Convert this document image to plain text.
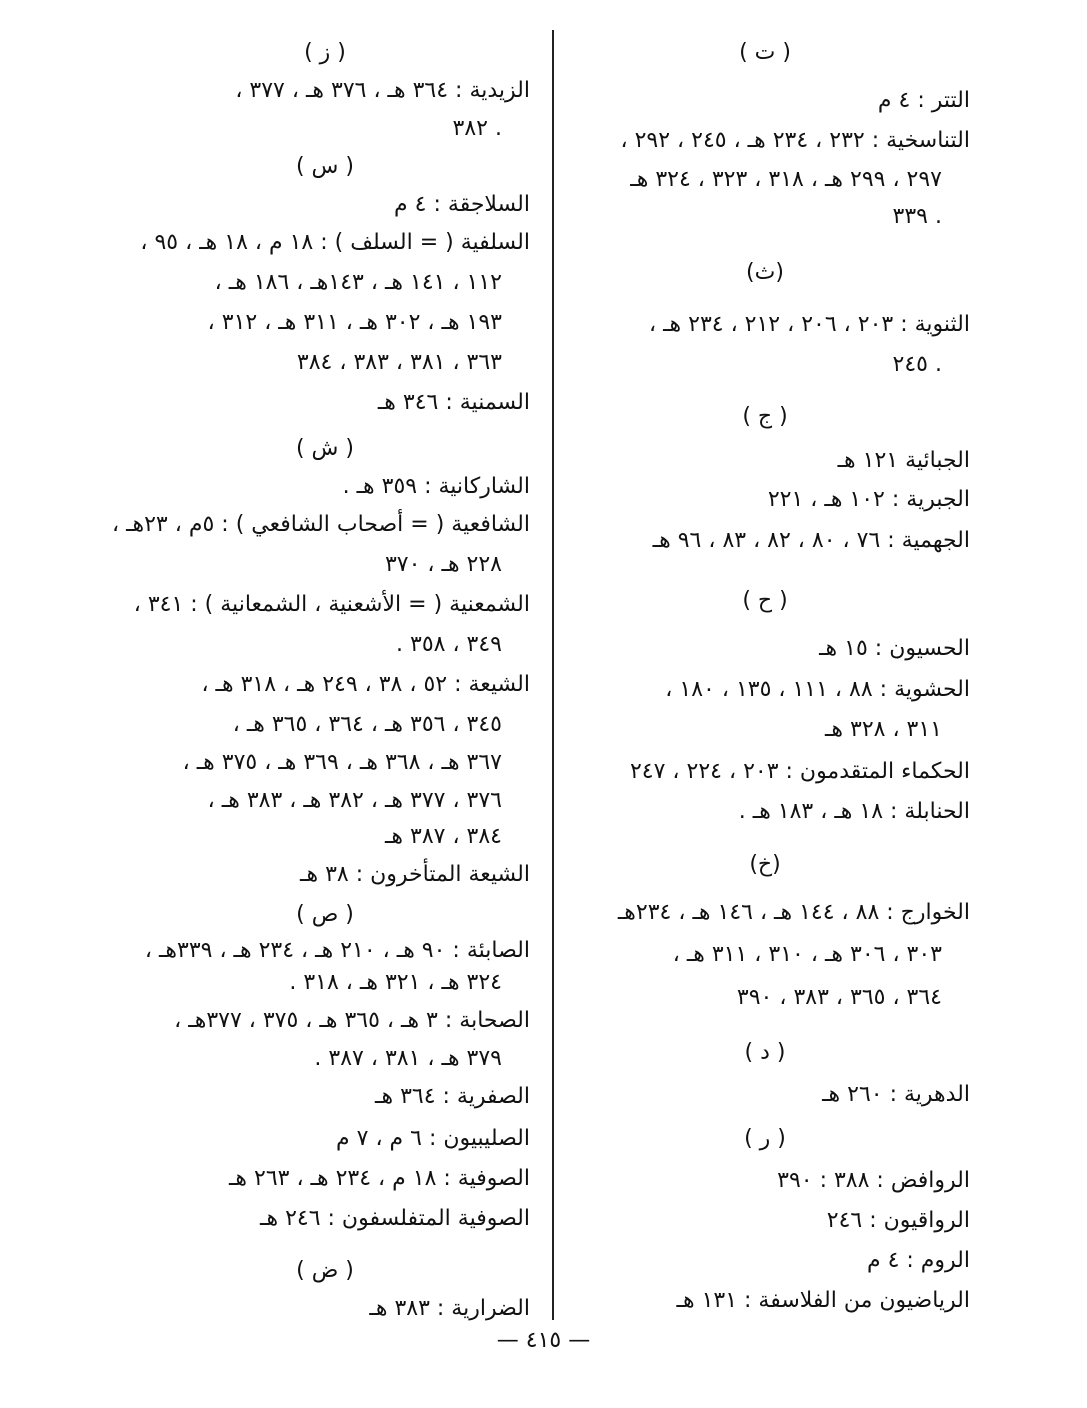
( ت )
التتر : ٤ م
التناسخية : ٢٣٢ ، ٢٣٤ هـ ، ٢٤٥ ، ٢٩٢ ،
٢٩٧ ، ٢٩٩ هـ ، ٣١٨ ، ٣٢٣ ، ٣٢٤ هـ
. ٣٣٩
(ث)
الثنوية : ٢٠٣ ، ٢٠٦ ، ٢١٢ ، ٢٣٤ هـ ،
. ٢٤٥
( ج )
الجبائية ١٢١ هـ
الجبرية : ١٠٢ هـ ، ٢٢١
الجهمية : ٧٦ ، ٨٠ ، ٨٢ ، ٨٣ ، ٩٦ هـ
( ح )
الحسيون : ١٥ هـ
الحشوية : ٨٨ ، ١١١ ، ١٣٥ ، ١٨٠ ،
٣١١ ، ٣٢٨ هـ
الحكماء المتقدمون : ٢٠٣ ، ٢٢٤ ، ٢٤٧
الحنابلة : ١٨ هـ ، ١٨٣ هـ .
(خ)
الخوارج : ٨٨ ، ١٤٤ هـ ، ١٤٦ هـ ، ٢٣٤هـ
٣٠٣ ، ٣٠٦ هـ ، ٣١٠ ، ٣١١ هـ ،
٣٦٤ ، ٣٦٥ ، ٣٨٣ ، ٣٩٠
( د )
الدهرية : ٢٦٠ هـ
( ر )
الروافض : ٣٨٨ : ٣٩٠
الرواقيون : ٢٤٦
الروم : ٤ م
الرياضيون من الفلاسفة : ١٣١ هـ
( ز )
الزيدية : ٣٦٤ هـ ، ٣٧٦ هـ ، ٣٧٧ ،
. ٣٨٢
( س )
السلاجقة : ٤ م
السلفية ( = السلف ) : ١٨ م ، ١٨ هـ ، ٩٥ ،
١١٢ ، ١٤١ هـ ، ١٤٣هـ ، ١٨٦ هـ ،
١٩٣ هـ ، ٣٠٢ هـ ، ٣١١ هـ ، ٣١٢ ،
٣٦٣ ، ٣٨١ ، ٣٨٣ ، ٣٨٤
السمنية : ٣٤٦ هـ
( ش )
الشاركانية : ٣٥٩ هـ .
الشافعية ( = أصحاب الشافعي ) : ٥م ، ٢٣هـ ،
٢٢٨ هـ ، ٣٧٠
الشمعنية ( = الأشعنية ، الشمعانية ) : ٣٤١ ،
٣٤٩ ، ٣٥٨ .
الشيعة : ٥٢ ، ٣٨ ، ٢٤٩ هـ ، ٣١٨ هـ ،
٣٤٥ ، ٣٥٦ هـ ، ٣٦٤ ، ٣٦٥ هـ ،
٣٦٧ هـ ، ٣٦٨ هـ ، ٣٦٩ هـ ، ٣٧٥ هـ ،
٣٧٦ ، ٣٧٧ هـ ، ٣٨٢ هـ ، ٣٨٣ هـ ،
٣٨٤ ، ٣٨٧ هـ
الشيعة المتأخرون : ٣٨ هـ
( ص )
الصابئة : ٩٠ هـ ، ٢١٠ هـ ، ٢٣٤ هـ ، ٣٣٩هـ ،
٣٢٤ هـ ، ٣٢١ هـ ، ٣١٨ .
الصحابة : ٣ هـ ، ٣٦٥ هـ ، ٣٧٥ ، ٣٧٧هـ ،
٣٧٩ هـ ، ٣٨١ ، ٣٨٧ .
الصفرية : ٣٦٤ هـ
الصليبيون : ٦ م ، ٧ م
الصوفية : ١٨ م ، ٢٣٤ هـ ، ٢٦٣ هـ
الصوفية المتفلسفون : ٢٤٦ هـ
( ض )
الضرارية : ٣٨٣ هـ
— ٤١٥ —
